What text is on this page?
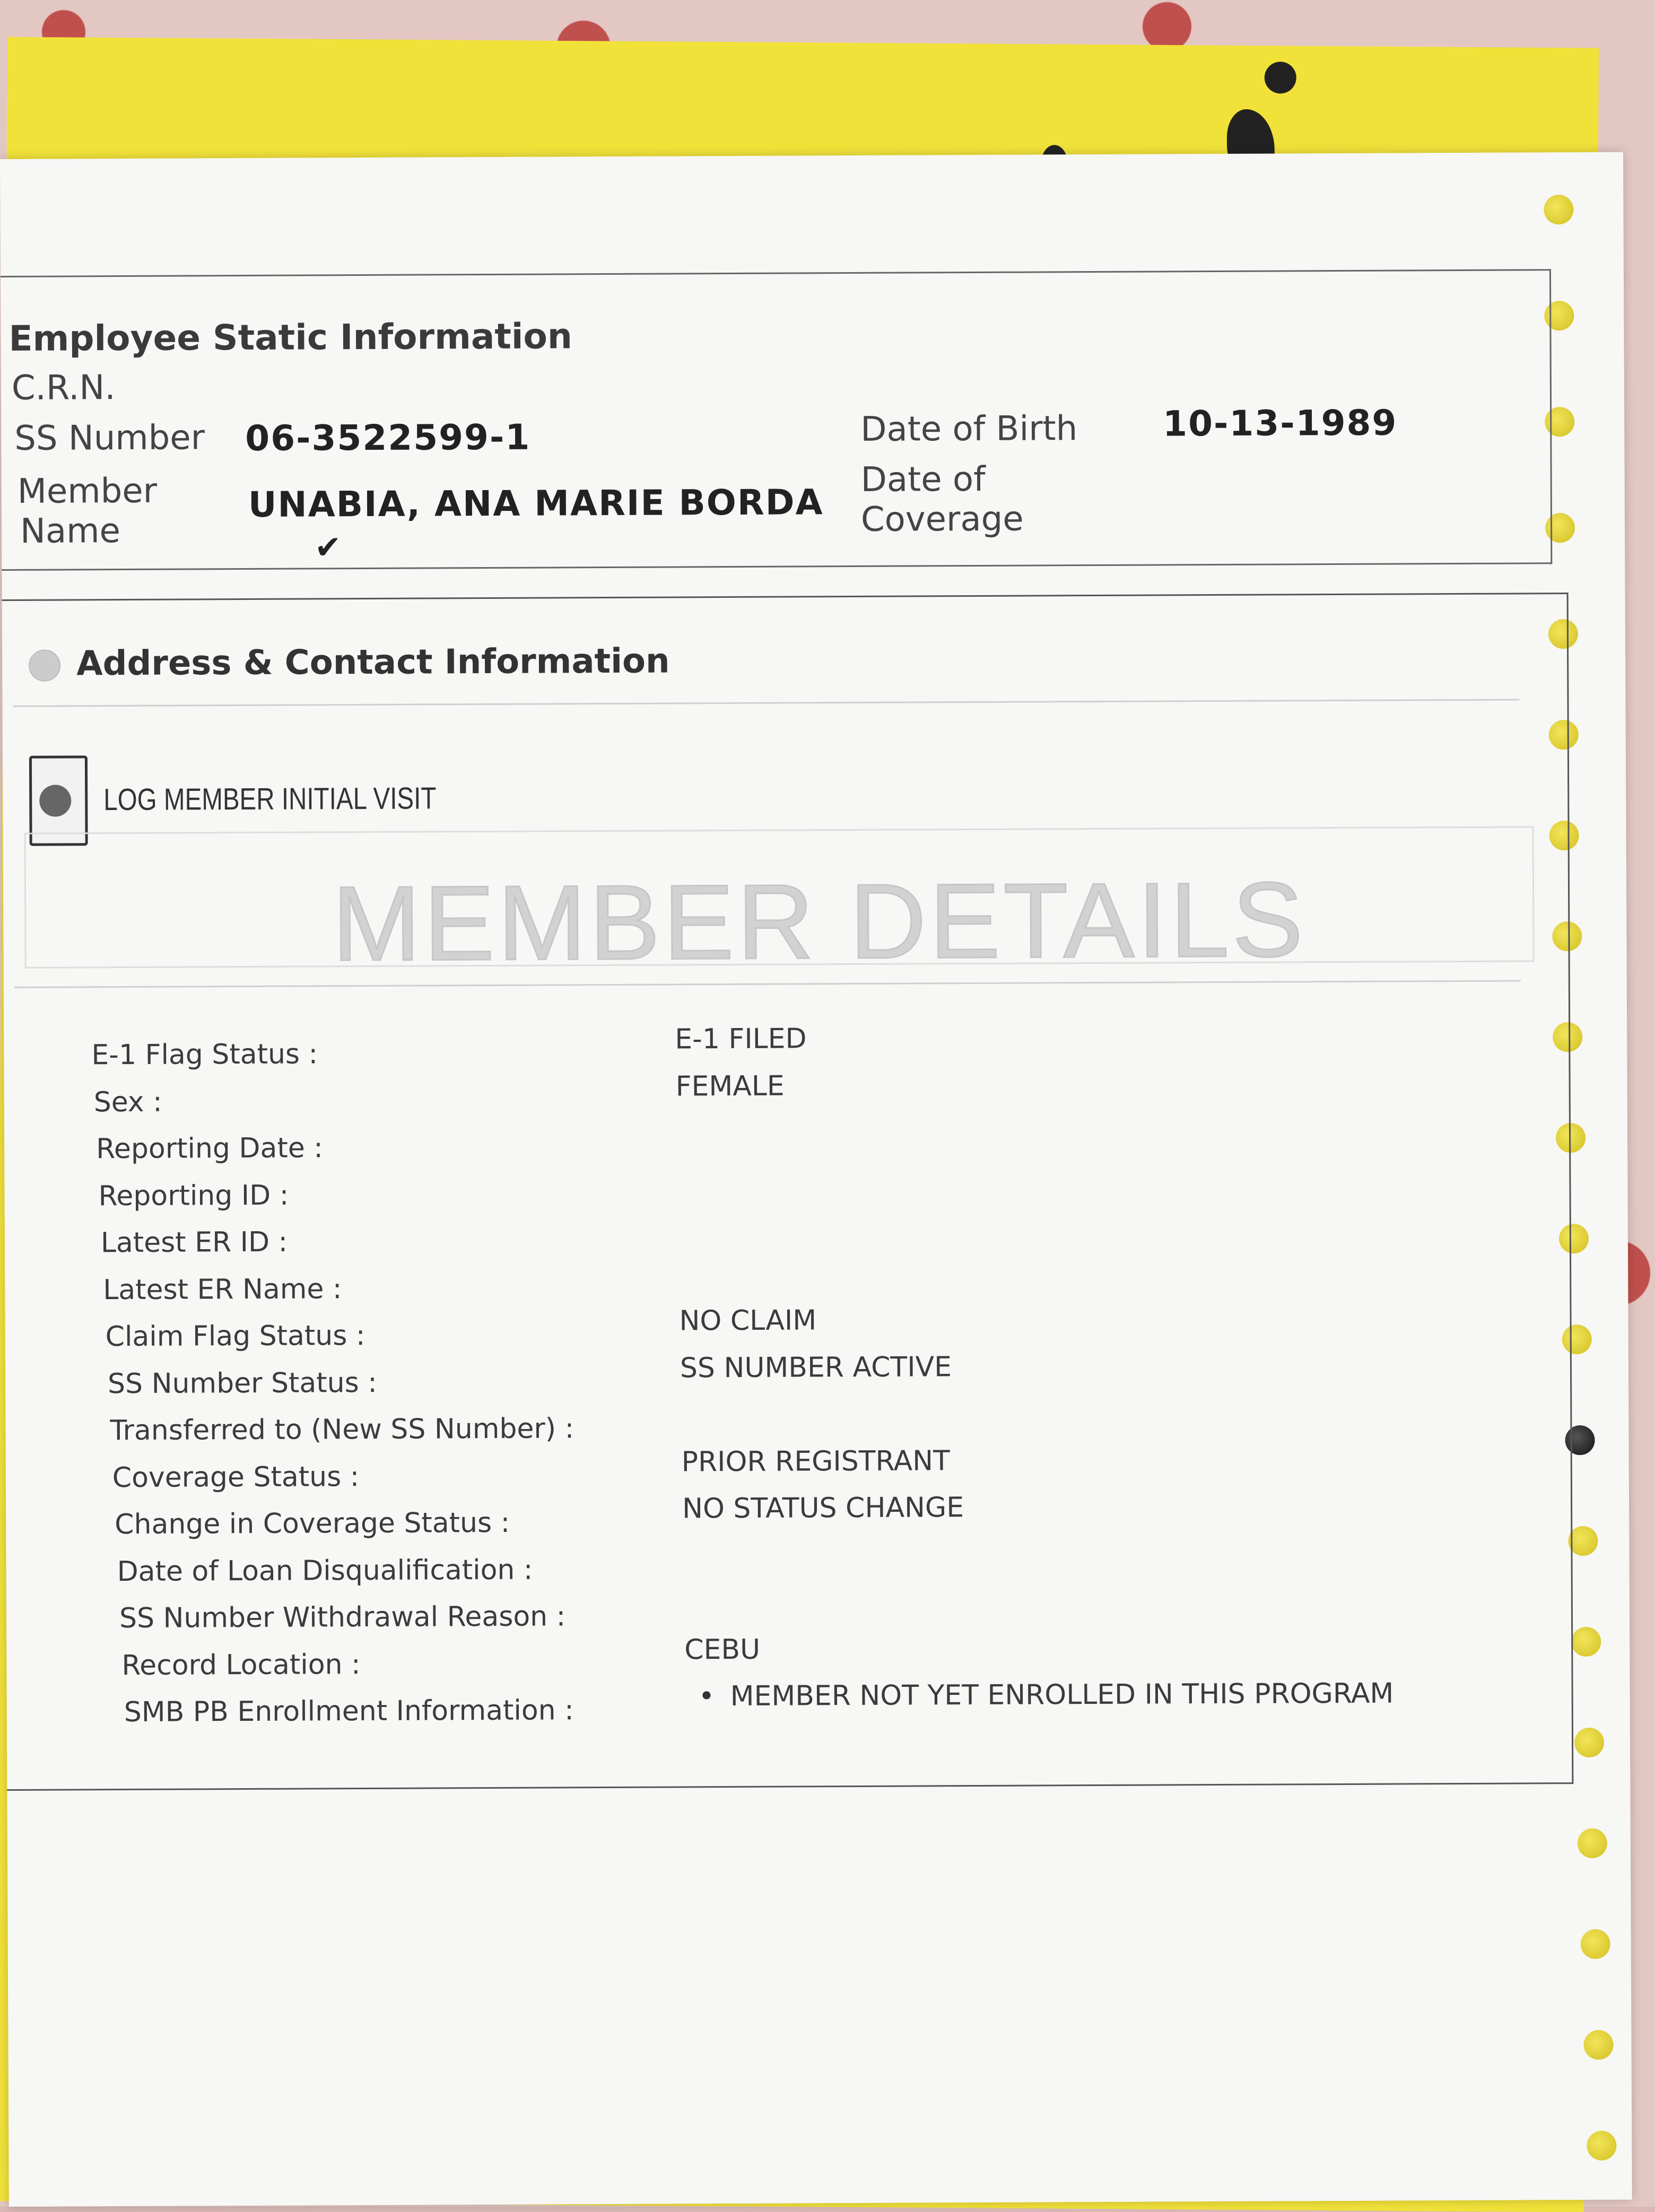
Employee Static Information
C.R.N.
SS Number 06-3522599-1
Member
Name
UNABIA, ANA MARIE BORDA
✔
Date of Birth 10-13-1989
Date of
Coverage
Address & Contact Information
LOG MEMBER INITIAL VISIT
MEMBER DETAILS
E-1 Flag Status :	E-1 FILED
Sex :	FEMALE
Reporting Date :
Reporting ID :
Latest ER ID :
Latest ER Name :
Claim Flag Status :	NO CLAIM
SS Number Status :	SS NUMBER ACTIVE
Transferred to (New SS Number) :
Coverage Status :	PRIOR REGISTRANT
Change in Coverage Status :	NO STATUS CHANGE
Date of Loan Disqualification :
SS Number Withdrawal Reason :
Record Location :	CEBU
SMB PB Enrollment Information :	• MEMBER NOT YET ENROLLED IN THIS PROGRAM
